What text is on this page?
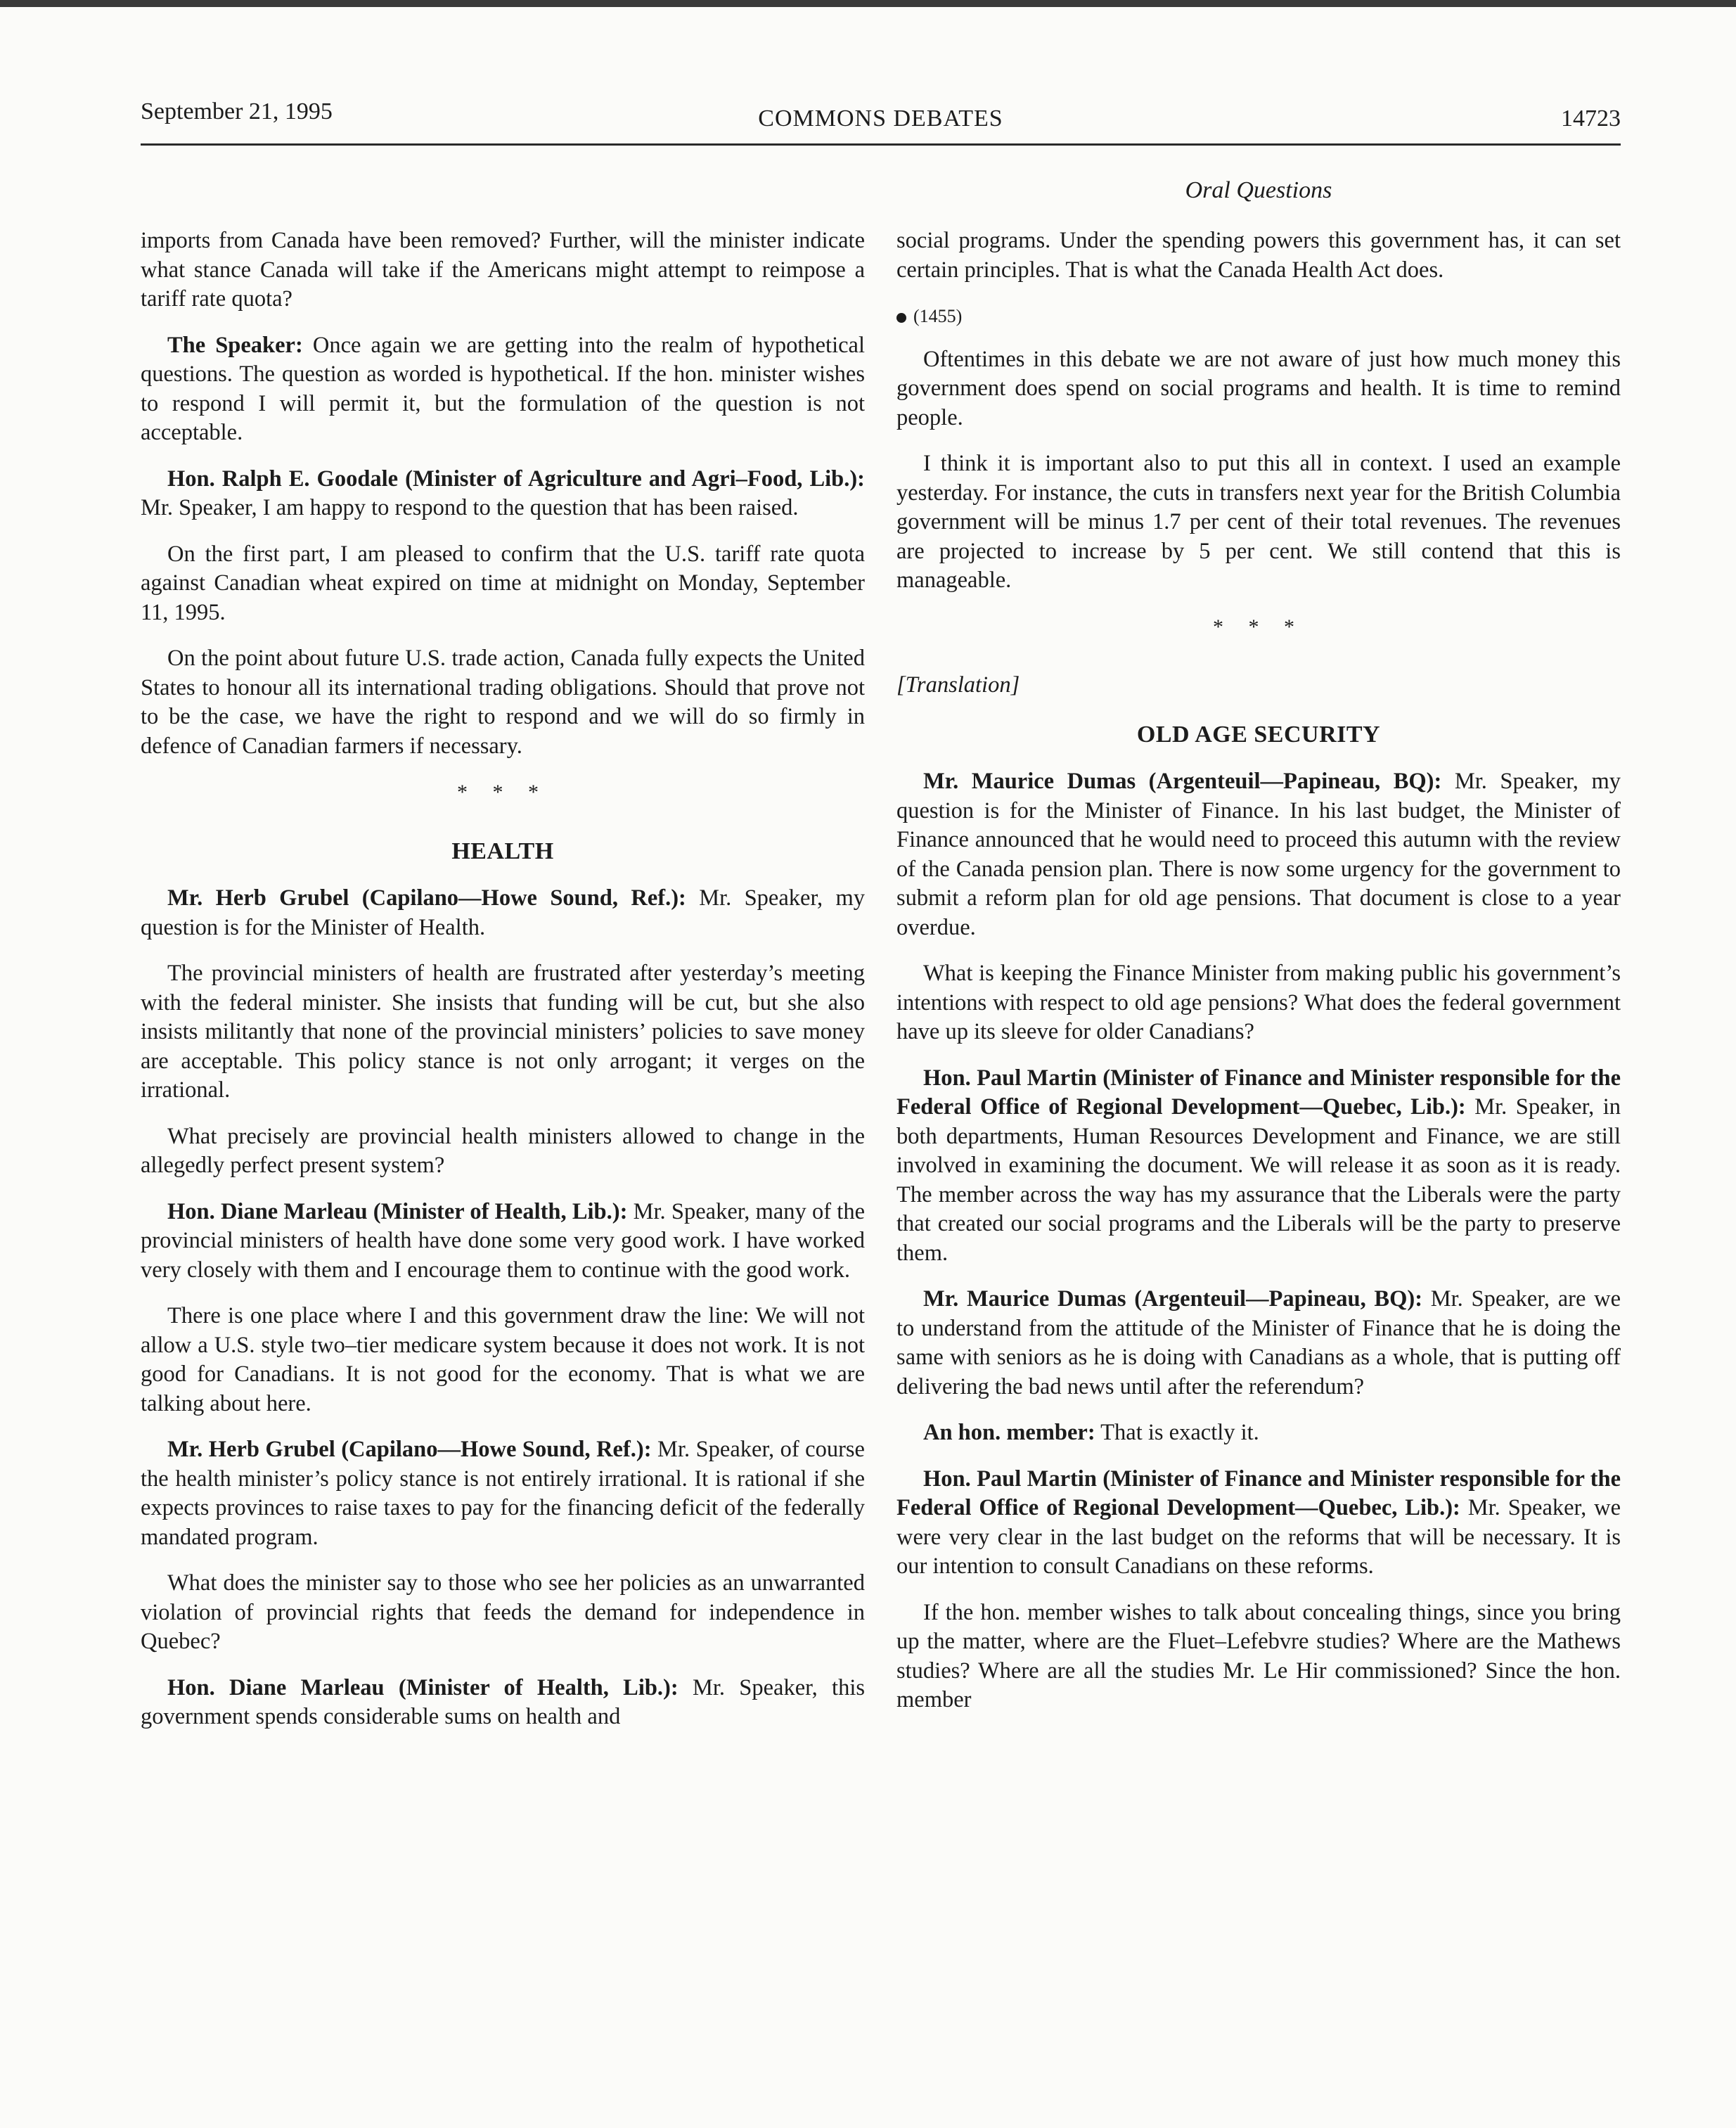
September 21, 1995	COMMONS DEBATES	14723
Oral Questions

imports from Canada have been removed? Further, will the minister indicate what stance Canada will take if the Americans might attempt to reimpose a tariff rate quota?

The Speaker: Once again we are getting into the realm of hypothetical questions. The question as worded is hypothetical. If the hon. minister wishes to respond I will permit it, but the formulation of the question is not acceptable.

Hon. Ralph E. Goodale (Minister of Agriculture and Agri–Food, Lib.): Mr. Speaker, I am happy to respond to the question that has been raised.

On the first part, I am pleased to confirm that the U.S. tariff rate quota against Canadian wheat expired on time at midnight on Monday, September 11, 1995.

On the point about future U.S. trade action, Canada fully expects the United States to honour all its international trading obligations. Should that prove not to be the case, we have the right to respond and we will do so firmly in defence of Canadian farmers if necessary.

* * *
HEALTH

Mr. Herb Grubel (Capilano—Howe Sound, Ref.): Mr. Speaker, my question is for the Minister of Health.

The provincial ministers of health are frustrated after yesterday’s meeting with the federal minister. She insists that funding will be cut, but she also insists militantly that none of the provincial ministers’ policies to save money are acceptable. This policy stance is not only arrogant; it verges on the irrational.

What precisely are provincial health ministers allowed to change in the allegedly perfect present system?

Hon. Diane Marleau (Minister of Health, Lib.): Mr. Speaker, many of the provincial ministers of health have done some very good work. I have worked very closely with them and I encourage them to continue with the good work.

There is one place where I and this government draw the line: We will not allow a U.S. style two–tier medicare system because it does not work. It is not good for Canadians. It is not good for the economy. That is what we are talking about here.

Mr. Herb Grubel (Capilano—Howe Sound, Ref.): Mr. Speaker, of course the health minister’s policy stance is not entirely irrational. It is rational if she expects provinces to raise taxes to pay for the financing deficit of the federally mandated program.

What does the minister say to those who see her policies as an unwarranted violation of provincial rights that feeds the demand for independence in Quebec?

Hon. Diane Marleau (Minister of Health, Lib.): Mr. Speaker, this government spends considerable sums on health and

social programs. Under the spending powers this government has, it can set certain principles. That is what the Canada Health Act does.

(1455)

Oftentimes in this debate we are not aware of just how much money this government does spend on social programs and health. It is time to remind people.

I think it is important also to put this all in context. I used an example yesterday. For instance, the cuts in transfers next year for the British Columbia government will be minus 1.7 per cent of their total revenues. The revenues are projected to increase by 5 per cent. We still contend that this is manageable.

* * *

[Translation]

OLD AGE SECURITY

Mr. Maurice Dumas (Argenteuil—Papineau, BQ): Mr. Speaker, my question is for the Minister of Finance. In his last budget, the Minister of Finance announced that he would need to proceed this autumn with the review of the Canada pension plan. There is now some urgency for the government to submit a reform plan for old age pensions. That document is close to a year overdue.

What is keeping the Finance Minister from making public his government’s intentions with respect to old age pensions? What does the federal government have up its sleeve for older Canadians?

Hon. Paul Martin (Minister of Finance and Minister responsible for the Federal Office of Regional Development—Quebec, Lib.): Mr. Speaker, in both departments, Human Resources Development and Finance, we are still involved in examining the document. We will release it as soon as it is ready. The member across the way has my assurance that the Liberals were the party that created our social programs and the Liberals will be the party to preserve them.

Mr. Maurice Dumas (Argenteuil—Papineau, BQ): Mr. Speaker, are we to understand from the attitude of the Minister of Finance that he is doing the same with seniors as he is doing with Canadians as a whole, that is putting off delivering the bad news until after the referendum?

An hon. member: That is exactly it.

Hon. Paul Martin (Minister of Finance and Minister responsible for the Federal Office of Regional Development—Quebec, Lib.): Mr. Speaker, we were very clear in the last budget on the reforms that will be necessary. It is our intention to consult Canadians on these reforms.

If the hon. member wishes to talk about concealing things, since you bring up the matter, where are the Fluet–Lefebvre studies? Where are the Mathews studies? Where are all the studies Mr. Le Hir commissioned? Since the hon. member
